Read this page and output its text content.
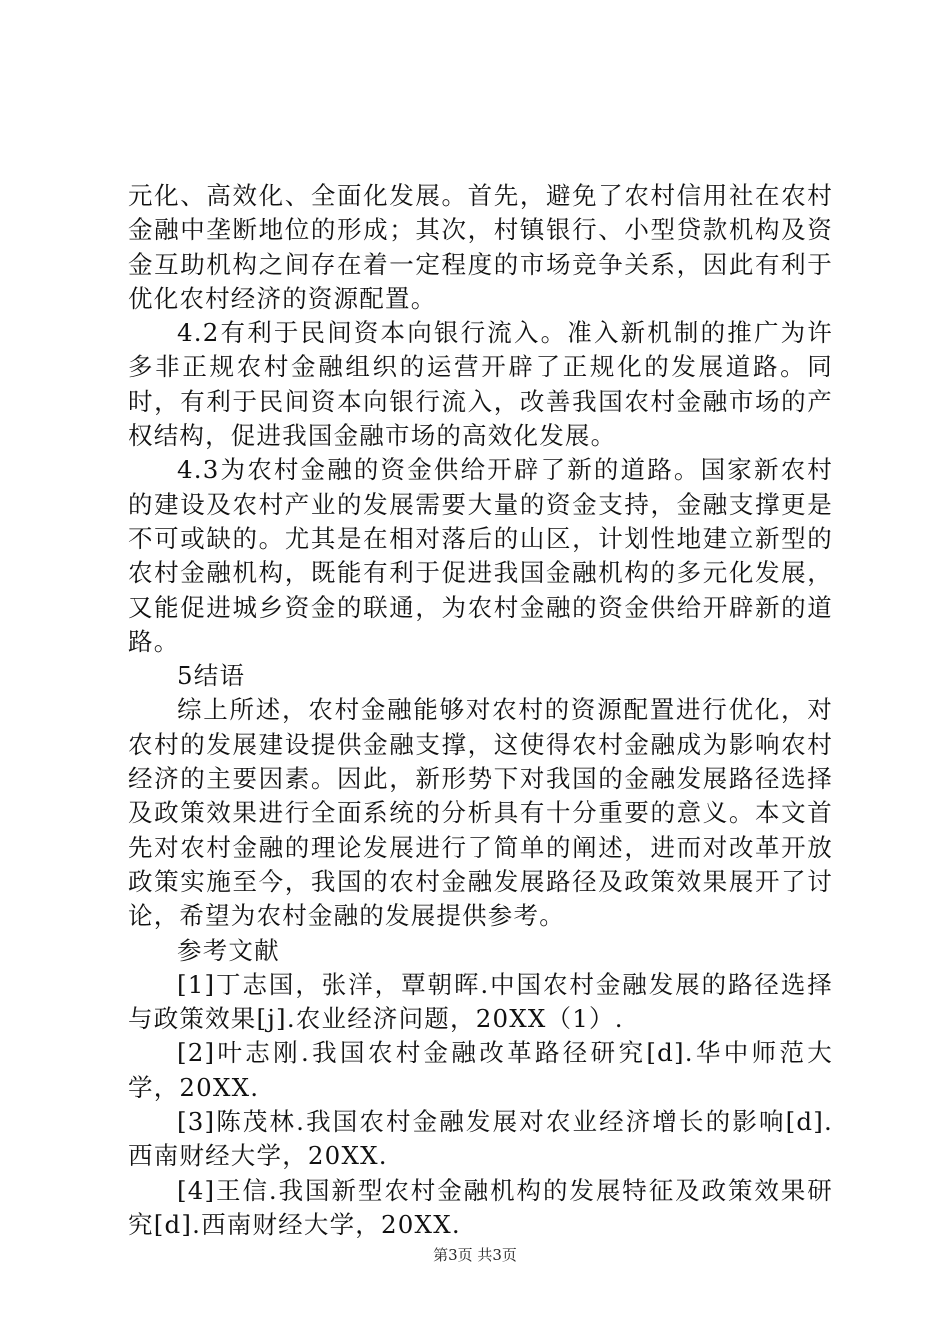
元化、高效化、全面化发展。首先，避免了农村信用社在农村金融中垄断地位的形成；其次，村镇银行、小型贷款机构及资金互助机构之间存在着一定程度的市场竞争关系，因此有利于优化农村经济的资源配置。

4.2有利于民间资本向银行流入。准入新机制的推广为许多非正规农村金融组织的运营开辟了正规化的发展道路。同时，有利于民间资本向银行流入，改善我国农村金融市场的产权结构，促进我国金融市场的高效化发展。

4.3为农村金融的资金供给开辟了新的道路。国家新农村的建设及农村产业的发展需要大量的资金支持，金融支撑更是不可或缺的。尤其是在相对落后的山区，计划性地建立新型的农村金融机构，既能有利于促进我国金融机构的多元化发展，又能促进城乡资金的联通，为农村金融的资金供给开辟新的道路。

5结语

综上所述，农村金融能够对农村的资源配置进行优化，对农村的发展建设提供金融支撑，这使得农村金融成为影响农村经济的主要因素。因此，新形势下对我国的金融发展路径选择及政策效果进行全面系统的分析具有十分重要的意义。本文首先对农村金融的理论发展进行了简单的阐述，进而对改革开放政策实施至今，我国的农村金融发展路径及政策效果展开了讨论，希望为农村金融的发展提供参考。

参考文献

[1]丁志国，张洋，覃朝晖.中国农村金融发展的路径选择与政策效果[j].农业经济问题，20XX（1）.

[2]叶志刚.我国农村金融改革路径研究[d].华中师范大学，20XX.

[3]陈茂林.我国农村金融发展对农业经济增长的影响[d].西南财经大学，20XX.

[4]王信.我国新型农村金融机构的发展特征及政策效果研究[d].西南财经大学，20XX.

第3页 共3页
